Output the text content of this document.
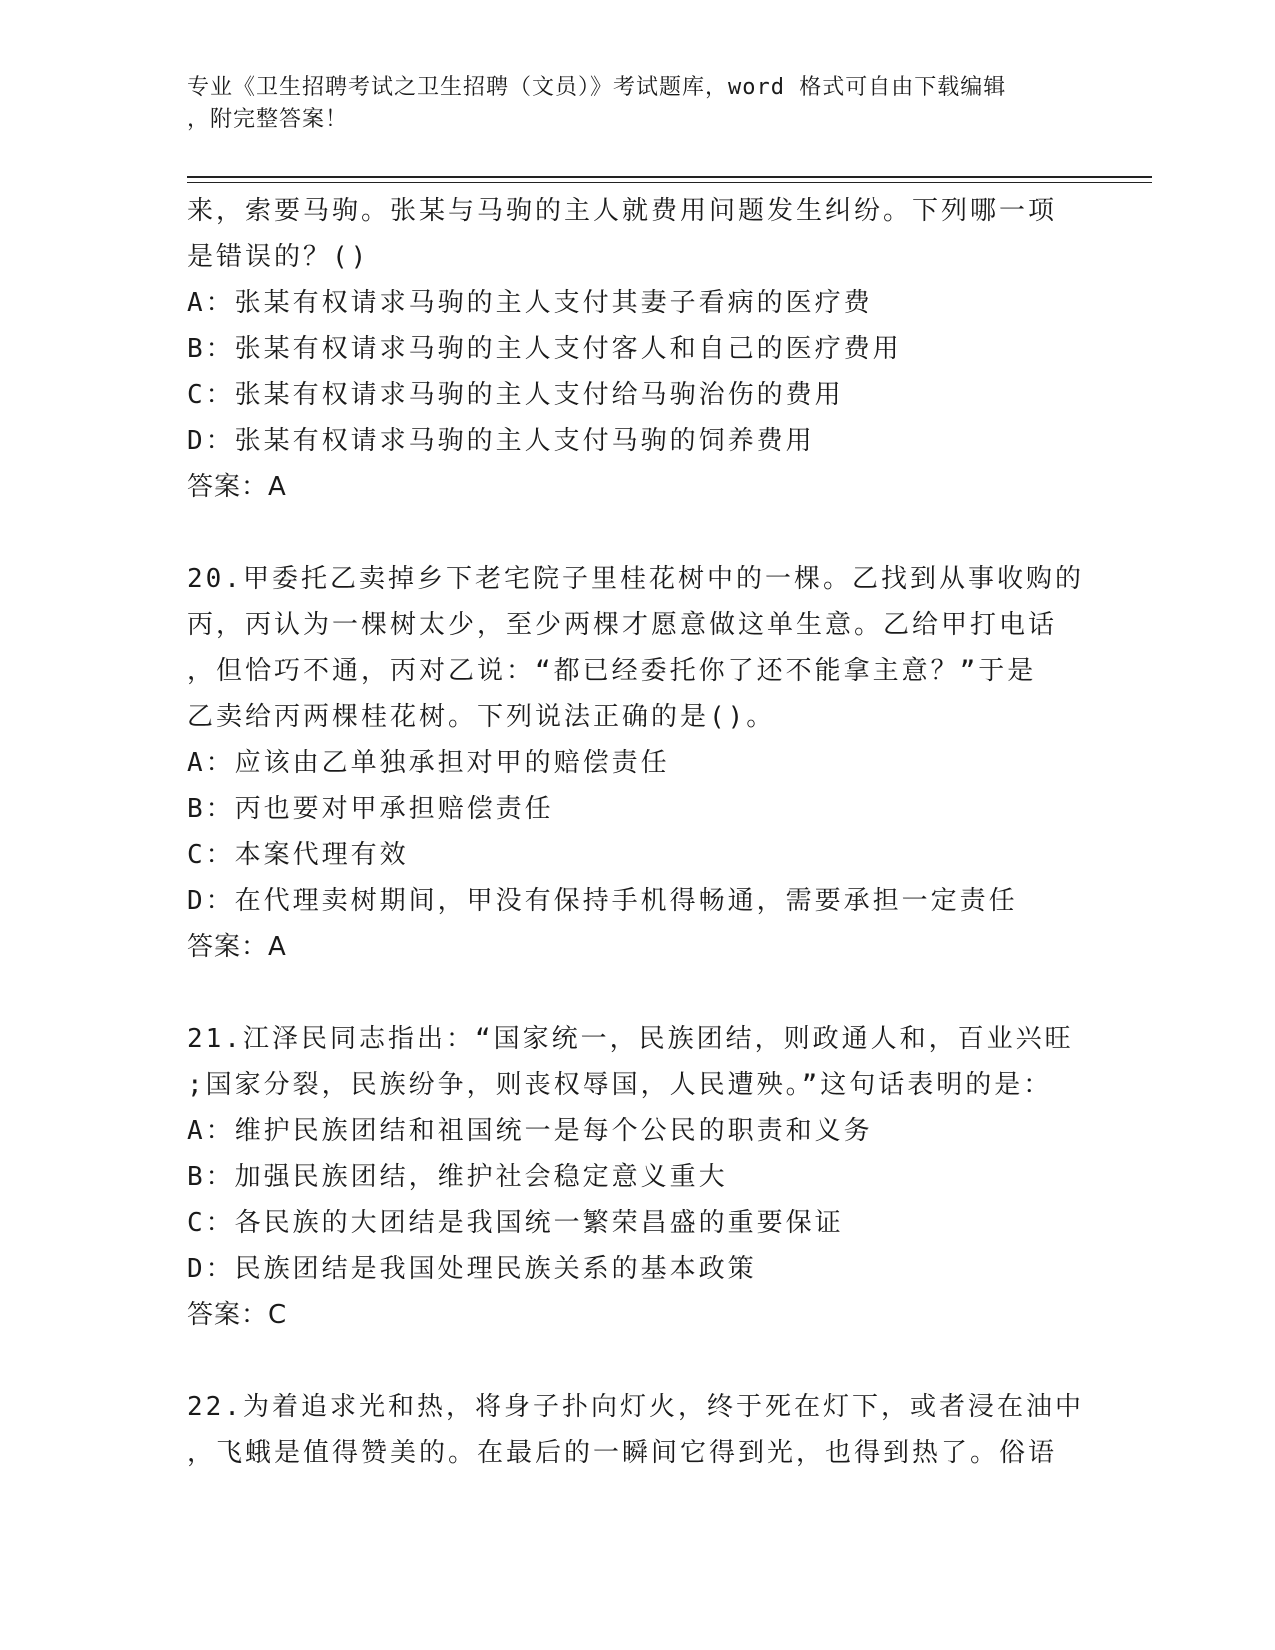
专业《卫生招聘考试之卫生招聘（文员）》考试题库，word 格式可自由下载编辑
，附完整答案！
来，索要马驹。张某与马驹的主人就费用问题发生纠纷。下列哪一项
是错误的？()
A：张某有权请求马驹的主人支付其妻子看病的医疗费
B：张某有权请求马驹的主人支付客人和自己的医疗费用
C：张某有权请求马驹的主人支付给马驹治伤的费用
D：张某有权请求马驹的主人支付马驹的饲养费用
答案：A
20.甲委托乙卖掉乡下老宅院子里桂花树中的一棵。乙找到从事收购的
丙，丙认为一棵树太少，至少两棵才愿意做这单生意。乙给甲打电话
，但恰巧不通，丙对乙说：“都已经委托你了还不能拿主意？”于是
乙卖给丙两棵桂花树。下列说法正确的是()。
A：应该由乙单独承担对甲的赔偿责任
B：丙也要对甲承担赔偿责任
C：本案代理有效
D：在代理卖树期间，甲没有保持手机得畅通，需要承担一定责任
答案：A
21.江泽民同志指出：“国家统一，民族团结，则政通人和，百业兴旺
;国家分裂，民族纷争，则丧权辱国，人民遭殃。”这句话表明的是：
A：维护民族团结和祖国统一是每个公民的职责和义务
B：加强民族团结，维护社会稳定意义重大
C：各民族的大团结是我国统一繁荣昌盛的重要保证
D：民族团结是我国处理民族关系的基本政策
答案：C
22.为着追求光和热，将身子扑向灯火，终于死在灯下，或者浸在油中
，飞蛾是值得赞美的。在最后的一瞬间它得到光，也得到热了。俗语
